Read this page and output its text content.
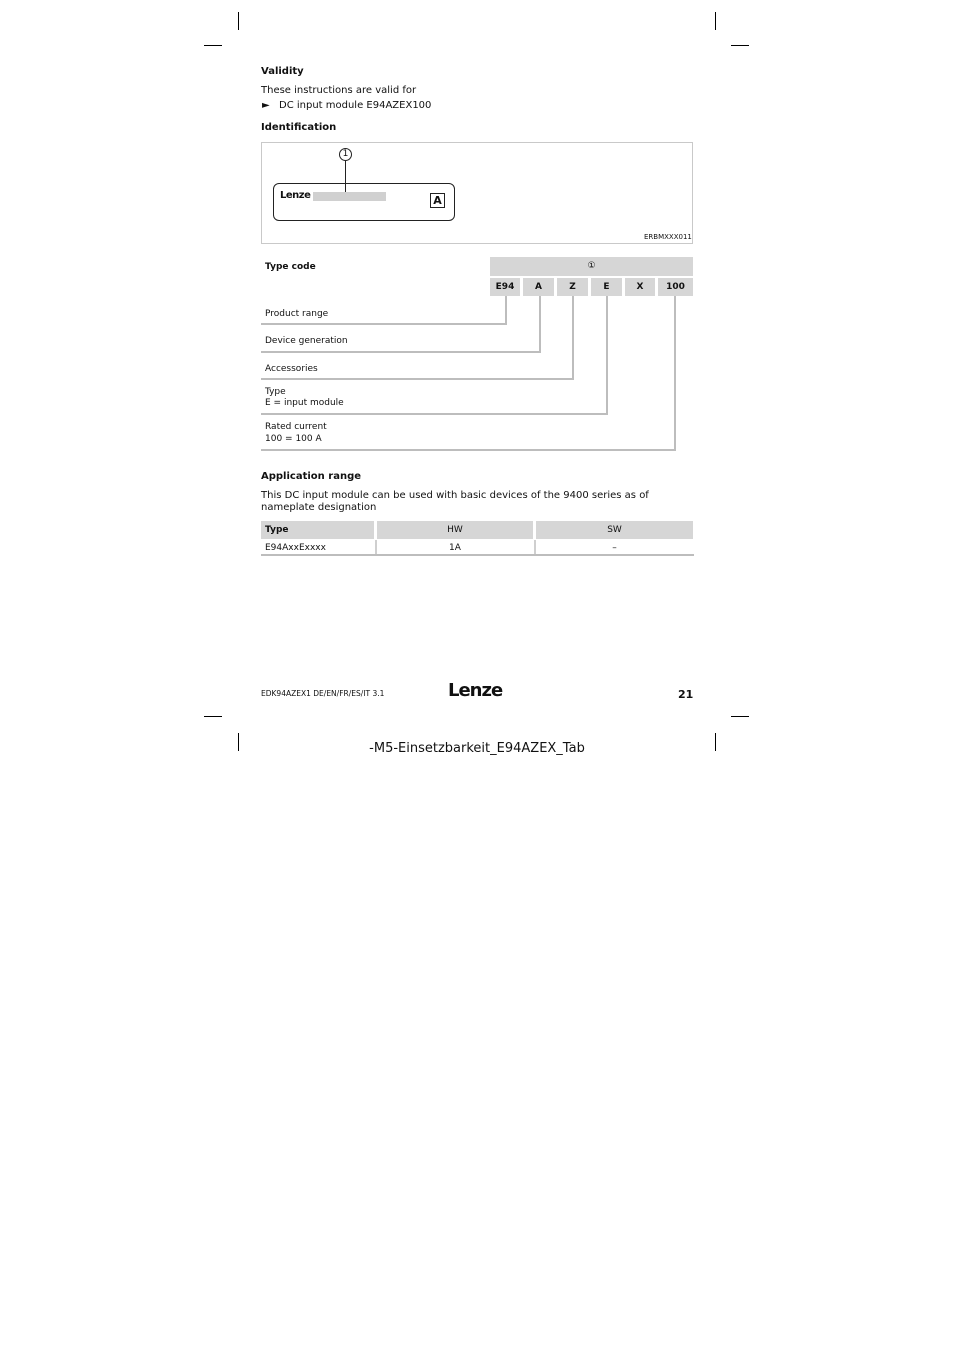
Validity
These instructions are valid for
► DC input module E94AZEX100
Identification
1
Lenze	A
ERBMXXX011
Type code	①
E94	A	Z	E	X	100
Product range
Device generation
Accessories
Type
E = input module
Rated current
100 = 100 A
Application range
This DC input module can be used with basic devices of the 9400 series as of nameplate designation
Type	HW	SW
E94AxxExxxx	1A	–
EDK94AZEX1 DE/EN/FR/ES/IT 3.1	Lenze	21
-M5-Einsetzbarkeit_E94AZEX_Tab
